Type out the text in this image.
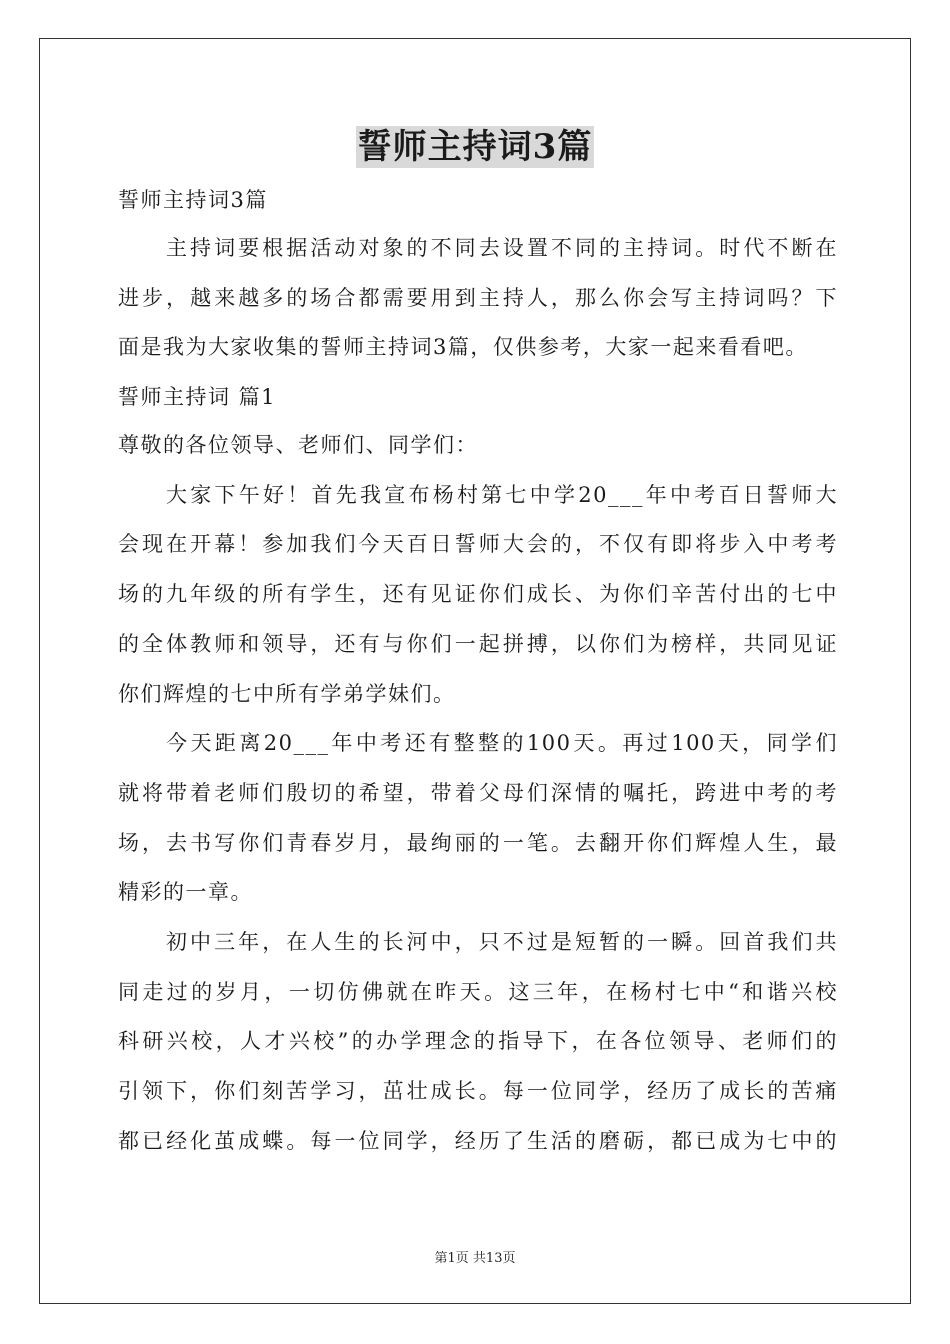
誓师主持词3篇
誓师主持词3篇
主持词要根据活动对象的不同去设置不同的主持词。时代不断在
进步，越来越多的场合都需要用到主持人，那么你会写主持词吗？下
面是我为大家收集的誓师主持词3篇，仅供参考，大家一起来看看吧。
誓师主持词 篇1
尊敬的各位领导、老师们、同学们：
大家下午好！首先我宣布杨村第七中学20___年中考百日誓师大
会现在开幕！参加我们今天百日誓师大会的，不仅有即将步入中考考
场的九年级的所有学生，还有见证你们成长、为你们辛苦付出的七中
的全体教师和领导，还有与你们一起拼搏，以你们为榜样，共同见证
你们辉煌的七中所有学弟学妹们。
今天距离20___年中考还有整整的100天。再过100天，同学们
就将带着老师们殷切的希望，带着父母们深情的嘱托，跨进中考的考
场，去书写你们青春岁月，最绚丽的一笔。去翻开你们辉煌人生，最
精彩的一章。
初中三年，在人生的长河中，只不过是短暂的一瞬。回首我们共
同走过的岁月，一切仿佛就在昨天。这三年，在杨村七中“和谐兴校
科研兴校，人才兴校”的办学理念的指导下，在各位领导、老师们的
引领下，你们刻苦学习，茁壮成长。每一位同学，经历了成长的苦痛
都已经化茧成蝶。每一位同学，经历了生活的磨砺，都已成为七中的
第1页 共13页
